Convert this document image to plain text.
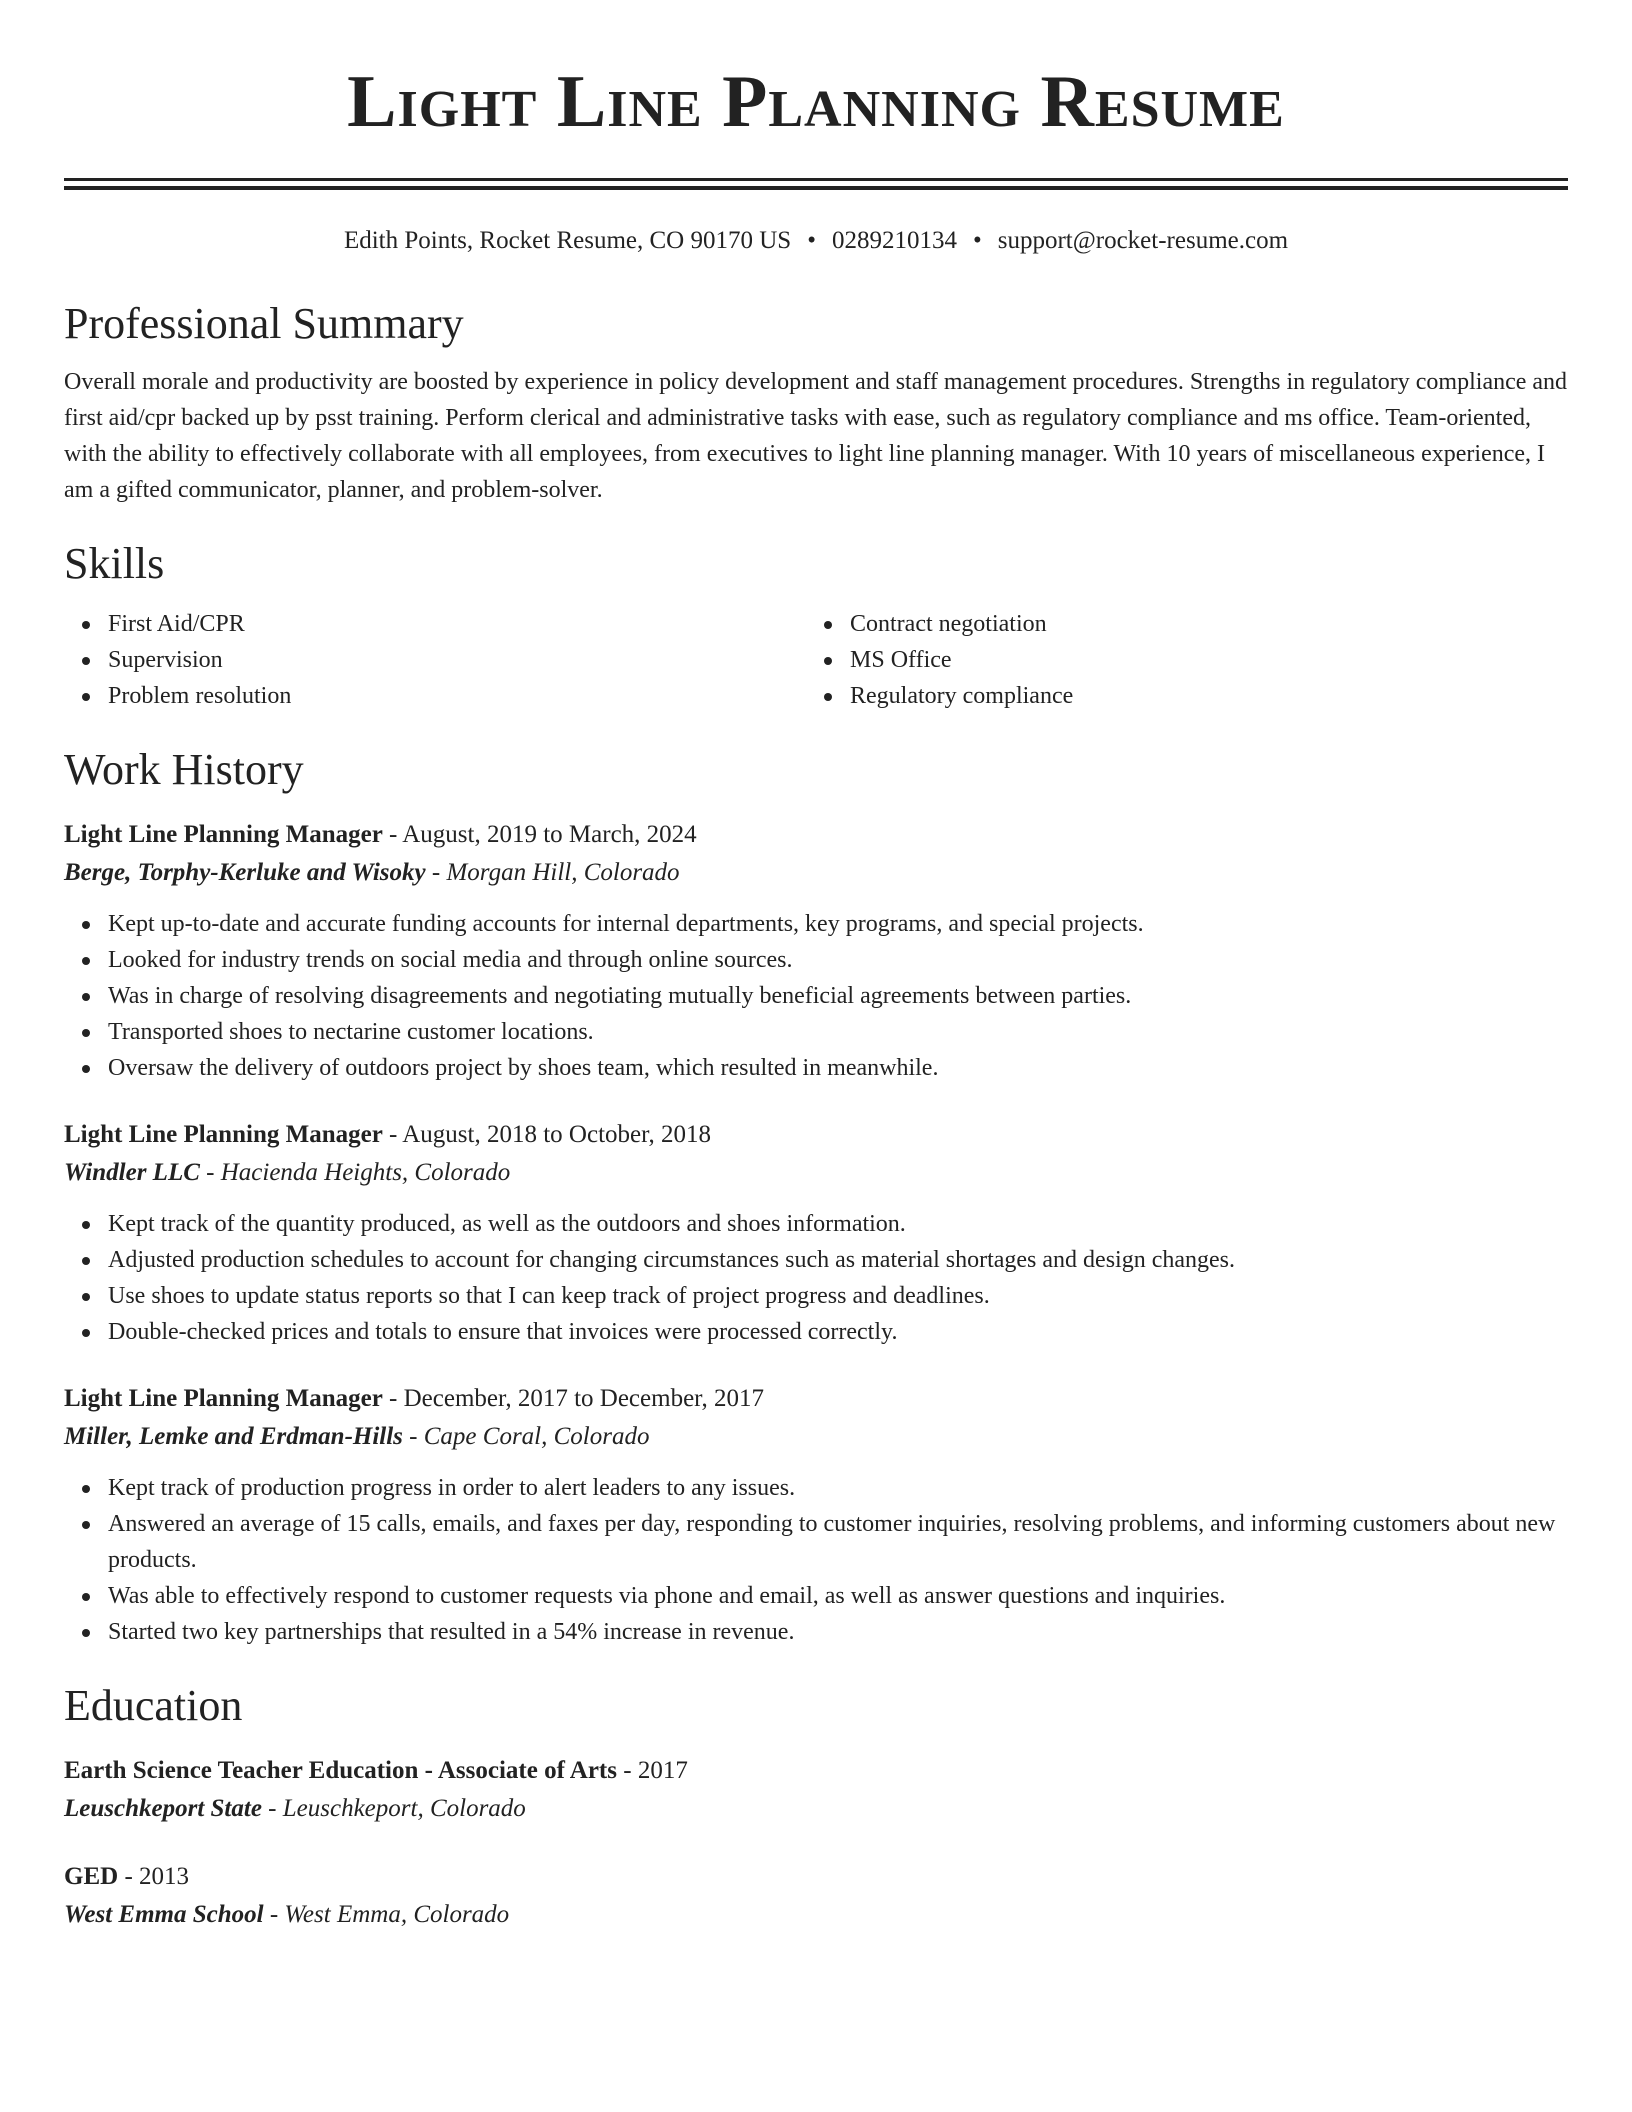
Light Line Planning Resume
Edith Points, Rocket Resume, CO 90170 US • 0289210134 • support@rocket-resume.com
Professional Summary
Overall morale and productivity are boosted by experience in policy development and staff management procedures. Strengths in regulatory compliance and first aid/cpr backed up by psst training. Perform clerical and administrative tasks with ease, such as regulatory compliance and ms office. Team-oriented, with the ability to effectively collaborate with all employees, from executives to light line planning manager. With 10 years of miscellaneous experience, I am a gifted communicator, planner, and problem-solver.
Skills
First Aid/CPR
Supervision
Problem resolution
Contract negotiation
MS Office
Regulatory compliance
Work History
Light Line Planning Manager - August, 2019 to March, 2024
Berge, Torphy-Kerluke and Wisoky - Morgan Hill, Colorado
Kept up-to-date and accurate funding accounts for internal departments, key programs, and special projects.
Looked for industry trends on social media and through online sources.
Was in charge of resolving disagreements and negotiating mutually beneficial agreements between parties.
Transported shoes to nectarine customer locations.
Oversaw the delivery of outdoors project by shoes team, which resulted in meanwhile.
Light Line Planning Manager - August, 2018 to October, 2018
Windler LLC - Hacienda Heights, Colorado
Kept track of the quantity produced, as well as the outdoors and shoes information.
Adjusted production schedules to account for changing circumstances such as material shortages and design changes.
Use shoes to update status reports so that I can keep track of project progress and deadlines.
Double-checked prices and totals to ensure that invoices were processed correctly.
Light Line Planning Manager - December, 2017 to December, 2017
Miller, Lemke and Erdman-Hills - Cape Coral, Colorado
Kept track of production progress in order to alert leaders to any issues.
Answered an average of 15 calls, emails, and faxes per day, responding to customer inquiries, resolving problems, and informing customers about new products.
Was able to effectively respond to customer requests via phone and email, as well as answer questions and inquiries.
Started two key partnerships that resulted in a 54% increase in revenue.
Education
Earth Science Teacher Education - Associate of Arts - 2017
Leuschkeport State - Leuschkeport, Colorado
GED - 2013
West Emma School - West Emma, Colorado
